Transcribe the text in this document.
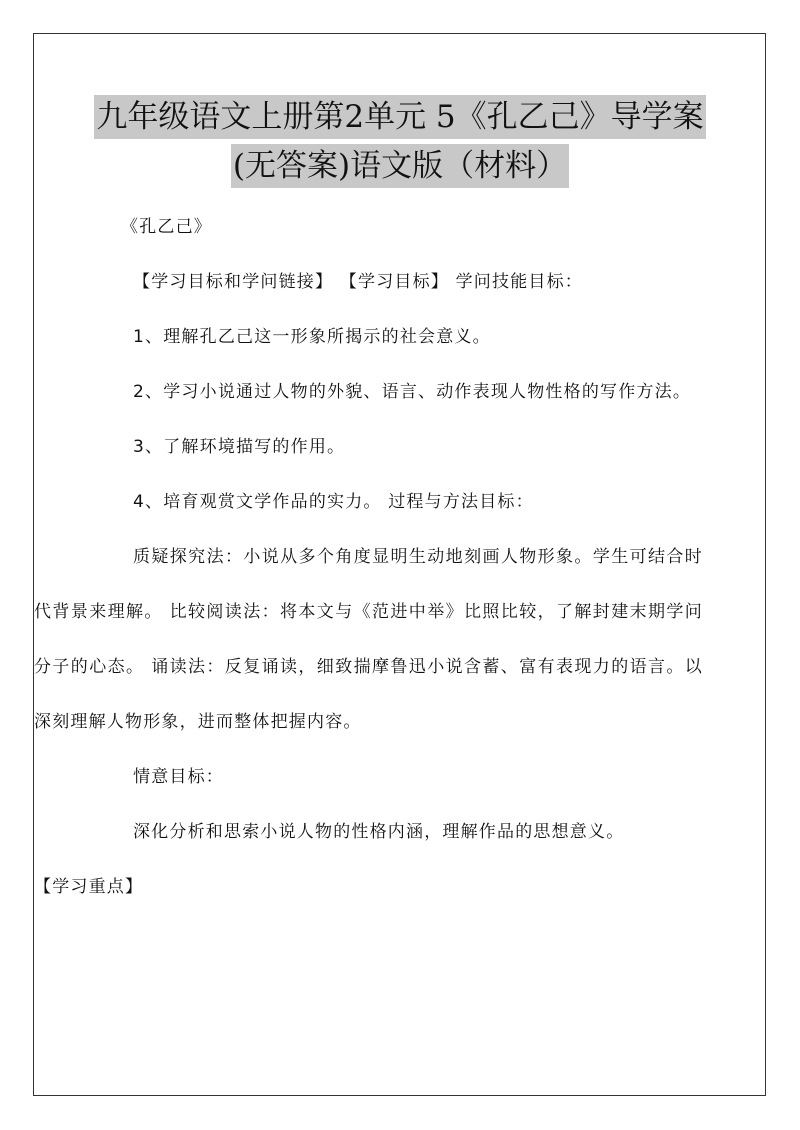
九年级语文上册第2单元 5《孔乙己》导学案
(无答案)语文版（材料）

《孔乙己》

【学习目标和学问链接】 【学习目标】 学问技能目标：

1、理解孔乙己这一形象所揭示的社会意义。

2、学习小说通过人物的外貌、语言、动作表现人物性格的写作方法。

3、了解环境描写的作用。

4、培育观赏文学作品的实力。 过程与方法目标：

质疑探究法：小说从多个角度显明生动地刻画人物形象。学生可结合时代背景来理解。 比较阅读法：将本文与《范进中举》比照比较，了解封建末期学问分子的心态。 诵读法：反复诵读，细致揣摩鲁迅小说含蓄、富有表现力的语言。以深刻理解人物形象，进而整体把握内容。

情意目标：

深化分析和思索小说人物的性格内涵，理解作品的思想意义。

【学习重点】
